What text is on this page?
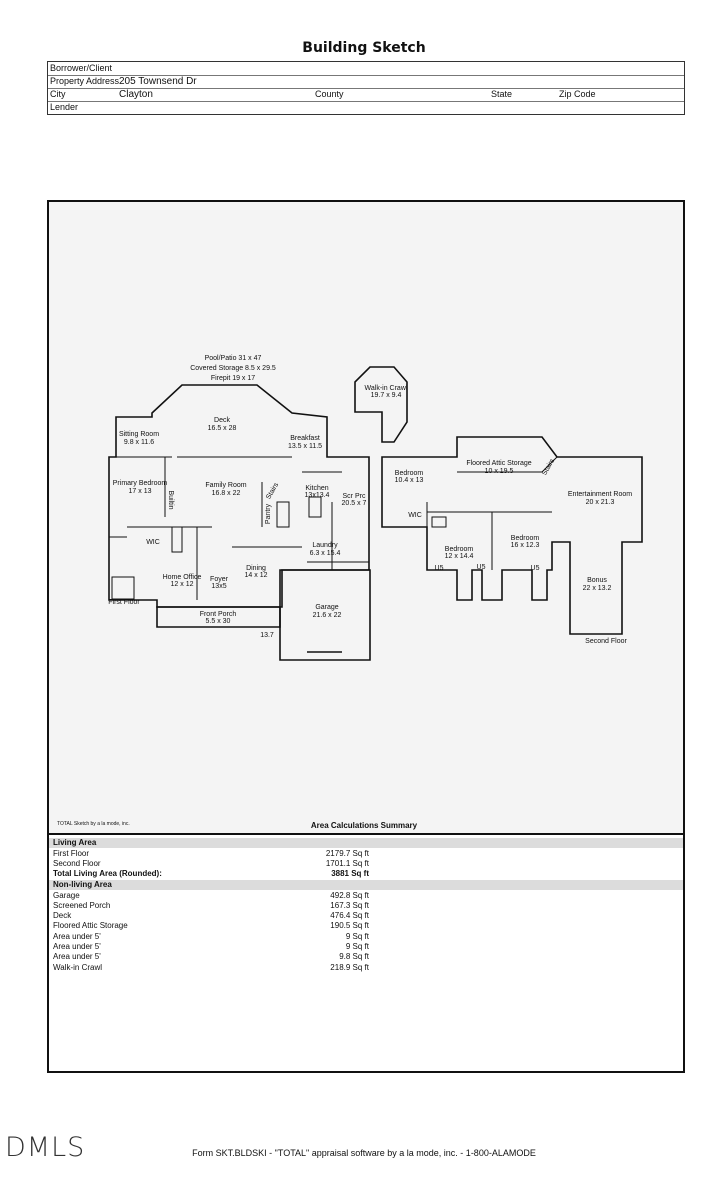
Building Sketch
Borrower/Client
Property Address 205 Townsend Dr
City	Clayton	County	State	Zip Code
Lender
Pool/Patio 31 x 47
Covered Storage 8.5 x 29.5
Firepit 19 x 17
Deck
16.5 x 28
Sitting Room
9.8 x 11.6
Breakfast
13.5 x 11.5
Primary Bedroom
17 x 13
Family Room
16.8 x 22
Kitchen
13x13.4 Scr Prc
20.5 x 7
Builtin	Stairs
Pantry
WIC
Home Office
12 x 12
Foyer
13x5
Dining
14 x 12
Laundry
6.3 x 15.4
Front Porch
5.5 x 30
Garage
21.6 x 22
13.7
First Floor
Walk-in Crawl
19.7 x 9.4
Bedroom
10.4 x 13
Floored Attic Storage
10 x 19.5	Stairs
Entertainment Room
20 x 21.3
WIC
Bedroom
12 x 14.4
Bedroom
16 x 12.3
U5	U5	U5
Bonus
22 x 13.2
Second Floor
TOTAL Sketch by a la mode, inc.	Area Calculations Summary
Living Area
First Floor	2179.7 Sq ft
Second Floor	1701.1 Sq ft
Total Living Area (Rounded):	3881 Sq ft
Non-living Area
Garage	492.8 Sq ft
Screened Porch	167.3 Sq ft
Deck	476.4 Sq ft
Floored Attic Storage	190.5 Sq ft
Area under 5'	9 Sq ft
Area under 5'	9 Sq ft
Area under 5'	9.8 Sq ft
Walk-in Crawl	218.9 Sq ft
DMLS	Form SKT.BLDSKI - "TOTAL" appraisal software by a la mode, inc. - 1-800-ALAMODE
